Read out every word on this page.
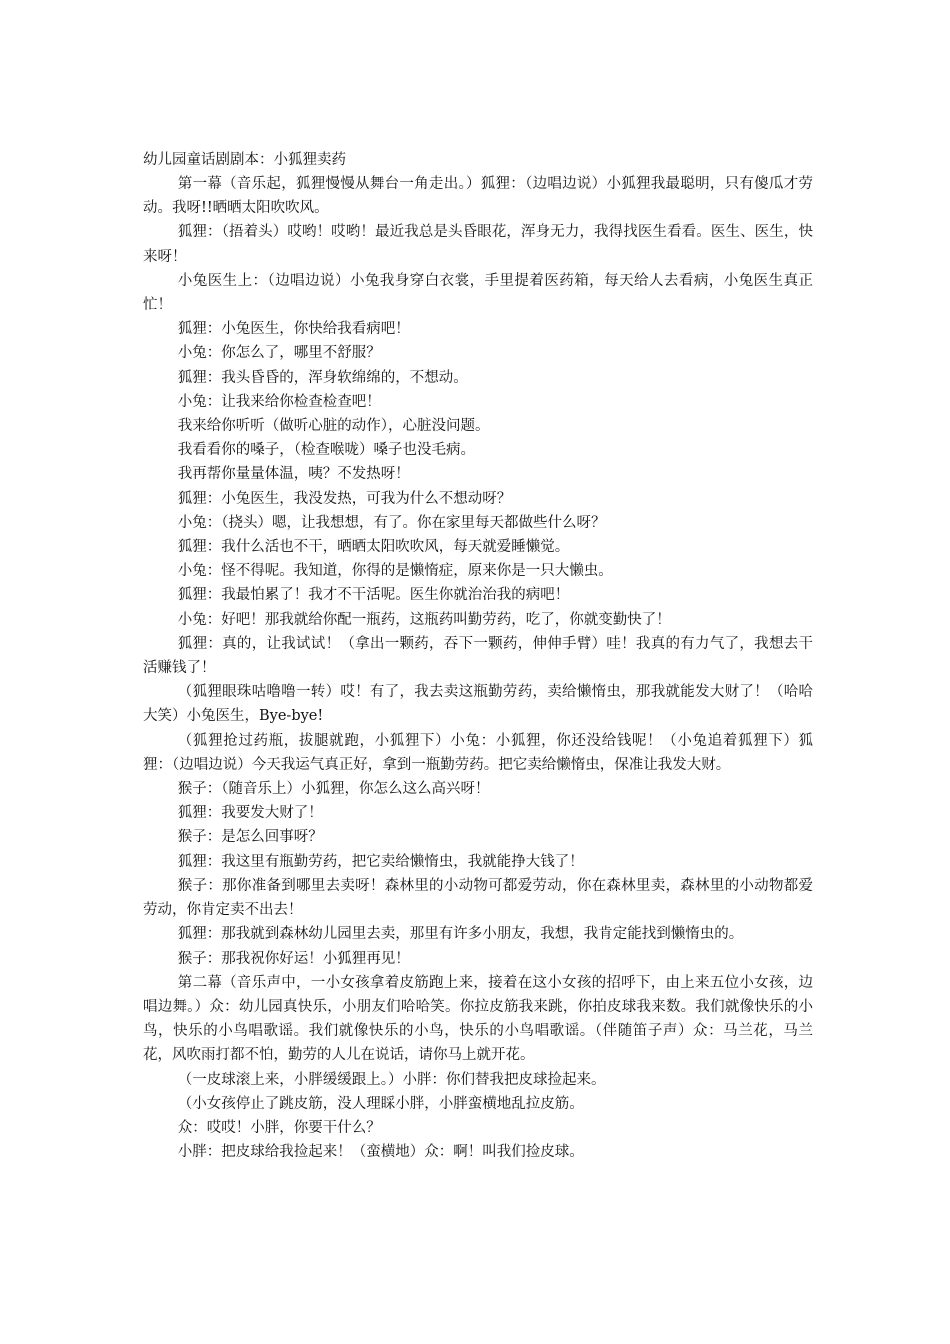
幼儿园童话剧剧本：小狐狸卖药

第一幕（音乐起，狐狸慢慢从舞台一角走出。）狐狸：（边唱边说）小狐狸我最聪明，只有傻瓜才劳动。我呀!!晒晒太阳吹吹风。

狐狸：（捂着头）哎哟！哎哟！最近我总是头昏眼花，浑身无力，我得找医生看看。医生、医生，快来呀！

小兔医生上：（边唱边说）小兔我身穿白衣裳，手里提着医药箱，每天给人去看病，小兔医生真正忙！

狐狸：小兔医生，你快给我看病吧！

小兔：你怎么了，哪里不舒服？

狐狸：我头昏昏的，浑身软绵绵的，不想动。

小兔：让我来给你检查检查吧！

我来给你听听（做听心脏的动作），心脏没问题。

我看看你的嗓子，（检查喉咙）嗓子也没毛病。

我再帮你量量体温，咦？不发热呀！

狐狸：小兔医生，我没发热，可我为什么不想动呀？

小兔：（挠头）嗯，让我想想，有了。你在家里每天都做些什么呀？

狐狸：我什么活也不干，晒晒太阳吹吹风，每天就爱睡懒觉。

小兔：怪不得呢。我知道，你得的是懒惰症，原来你是一只大懒虫。

狐狸：我最怕累了！我才不干活呢。医生你就治治我的病吧！

小兔：好吧！那我就给你配一瓶药，这瓶药叫勤劳药，吃了，你就变勤快了！

狐狸：真的，让我试试！（拿出一颗药，吞下一颗药，伸伸手臂）哇！我真的有力气了，我想去干活赚钱了！

（狐狸眼珠咕噜噜一转）哎！有了，我去卖这瓶勤劳药，卖给懒惰虫，那我就能发大财了！（哈哈大笑）小兔医生，Bye-bye!

（狐狸抢过药瓶，拔腿就跑，小狐狸下）小兔：小狐狸，你还没给钱呢！（小兔追着狐狸下）狐狸：（边唱边说）今天我运气真正好，拿到一瓶勤劳药。把它卖给懒惰虫，保准让我发大财。

猴子：（随音乐上）小狐狸，你怎么这么高兴呀！

狐狸：我要发大财了！

猴子：是怎么回事呀？

狐狸：我这里有瓶勤劳药，把它卖给懒惰虫，我就能挣大钱了！

猴子：那你准备到哪里去卖呀！森林里的小动物可都爱劳动，你在森林里卖，森林里的小动物都爱劳动，你肯定卖不出去！

狐狸：那我就到森林幼儿园里去卖，那里有许多小朋友，我想，我肯定能找到懒惰虫的。

猴子：那我祝你好运！小狐狸再见！

第二幕（音乐声中，一小女孩拿着皮筋跑上来，接着在这小女孩的招呼下，由上来五位小女孩，边唱边舞。）众：幼儿园真快乐，小朋友们哈哈笑。你拉皮筋我来跳，你拍皮球我来数。我们就像快乐的小鸟，快乐的小鸟唱歌谣。我们就像快乐的小鸟，快乐的小鸟唱歌谣。（伴随笛子声）众：马兰花，马兰花，风吹雨打都不怕，勤劳的人儿在说话，请你马上就开花。

（一皮球滚上来，小胖缓缓跟上。）小胖：你们替我把皮球捡起来。

（小女孩停止了跳皮筋，没人理睬小胖，小胖蛮横地乱拉皮筋。

众：哎哎！小胖，你要干什么？

小胖：把皮球给我捡起来！（蛮横地）众：啊！叫我们捡皮球。
